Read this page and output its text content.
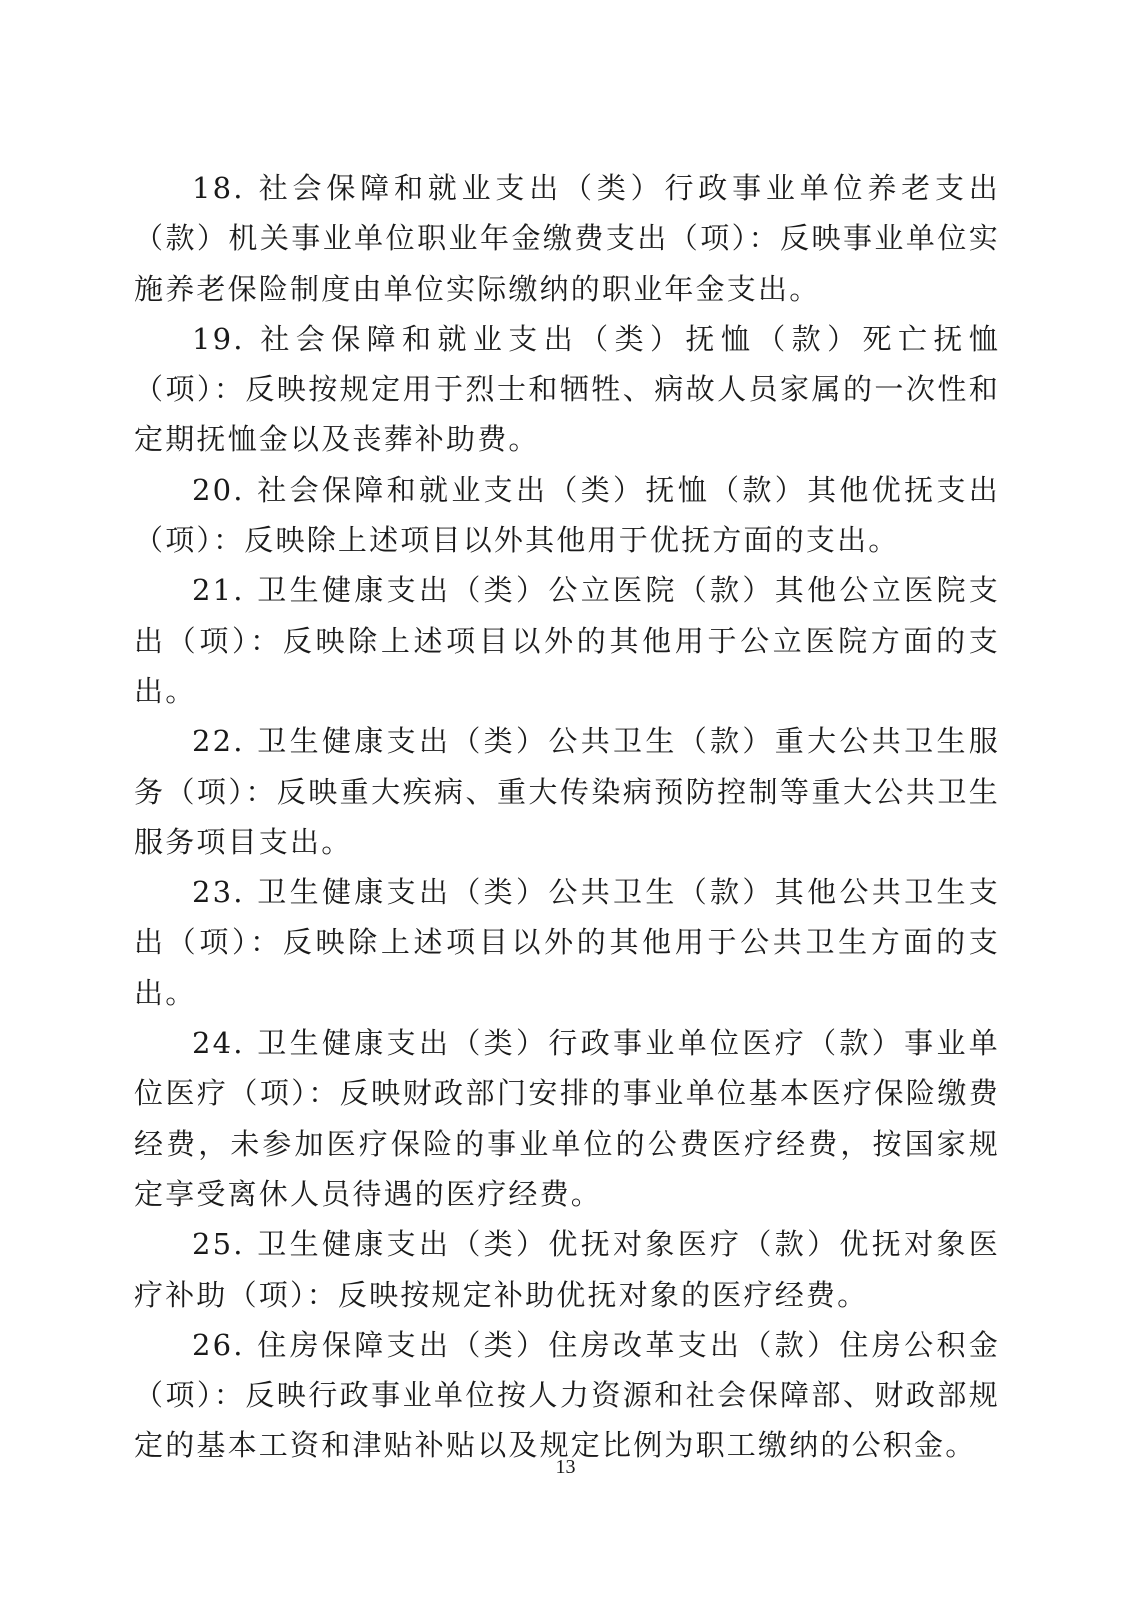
18. 社会保障和就业支出（类）行政事业单位养老支出（款）机关事业单位职业年金缴费支出（项）：反映事业单位实施养老保险制度由单位实际缴纳的职业年金支出。

19. 社会保障和就业支出（类）抚恤（款）死亡抚恤（项）：反映按规定用于烈士和牺牲、病故人员家属的一次性和定期抚恤金以及丧葬补助费。

20. 社会保障和就业支出（类）抚恤（款）其他优抚支出（项）：反映除上述项目以外其他用于优抚方面的支出。

21. 卫生健康支出（类）公立医院（款）其他公立医院支出（项）：反映除上述项目以外的其他用于公立医院方面的支出。

22. 卫生健康支出（类）公共卫生（款）重大公共卫生服务（项）：反映重大疾病、重大传染病预防控制等重大公共卫生服务项目支出。

23. 卫生健康支出（类）公共卫生（款）其他公共卫生支出（项）：反映除上述项目以外的其他用于公共卫生方面的支出。

24. 卫生健康支出（类）行政事业单位医疗（款）事业单位医疗（项）：反映财政部门安排的事业单位基本医疗保险缴费经费，未参加医疗保险的事业单位的公费医疗经费，按国家规定享受离休人员待遇的医疗经费。

25. 卫生健康支出（类）优抚对象医疗（款）优抚对象医疗补助（项）：反映按规定补助优抚对象的医疗经费。

26. 住房保障支出（类）住房改革支出（款）住房公积金（项）：反映行政事业单位按人力资源和社会保障部、财政部规定的基本工资和津贴补贴以及规定比例为职工缴纳的公积金。

13
